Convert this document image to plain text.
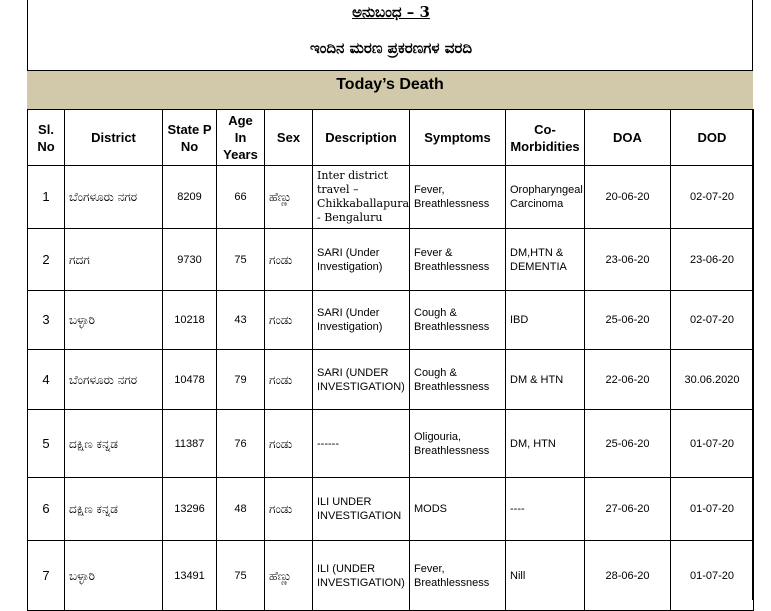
ಅನುಬಂಧ – 3
ಇಂದಿನ ಮರಣ ಪ್ರಕರಣಗಳ ವರದಿ
Today’s Death
Sl. No	District	State P No	Age In Years	Sex	Description	Symptoms	Co-Morbidities	DOA	DOD
1	ಬೆಂಗಳೂರು ನಗರ	8209	66	ಹೆಣ್ಣು	Inter district travel – Chikkaballapura - Bengaluru	Fever, Breathlessness	Oropharyngeal Carcinoma	20-06-20	02-07-20
2	ಗದಗ	9730	75	ಗಂಡು	SARI (Under Investigation)	Fever & Breathlessness	DM,HTN & DEMENTIA	23-06-20	23-06-20
3	ಬಳ್ಳಾರಿ	10218	43	ಗಂಡು	SARI (Under Investigation)	Cough & Breathlessness	IBD	25-06-20	02-07-20
4	ಬೆಂಗಳೂರು ನಗರ	10478	79	ಗಂಡು	SARI (UNDER INVESTIGATION)	Cough & Breathlessness	DM & HTN	22-06-20	30.06.2020
5	ದಕ್ಷಿಣ ಕನ್ನಡ	11387	76	ಗಂಡು	------	Oligouria, Breathlessness	DM, HTN	25-06-20	01-07-20
6	ದಕ್ಷಿಣ ಕನ್ನಡ	13296	48	ಗಂಡು	ILI UNDER INVESTIGATION	MODS	----	27-06-20	01-07-20
7	ಬಳ್ಳಾರಿ	13491	75	ಹೆಣ್ಣು	ILI (UNDER INVESTIGATION)	Fever, Breathlessness	Nill	28-06-20	01-07-20
